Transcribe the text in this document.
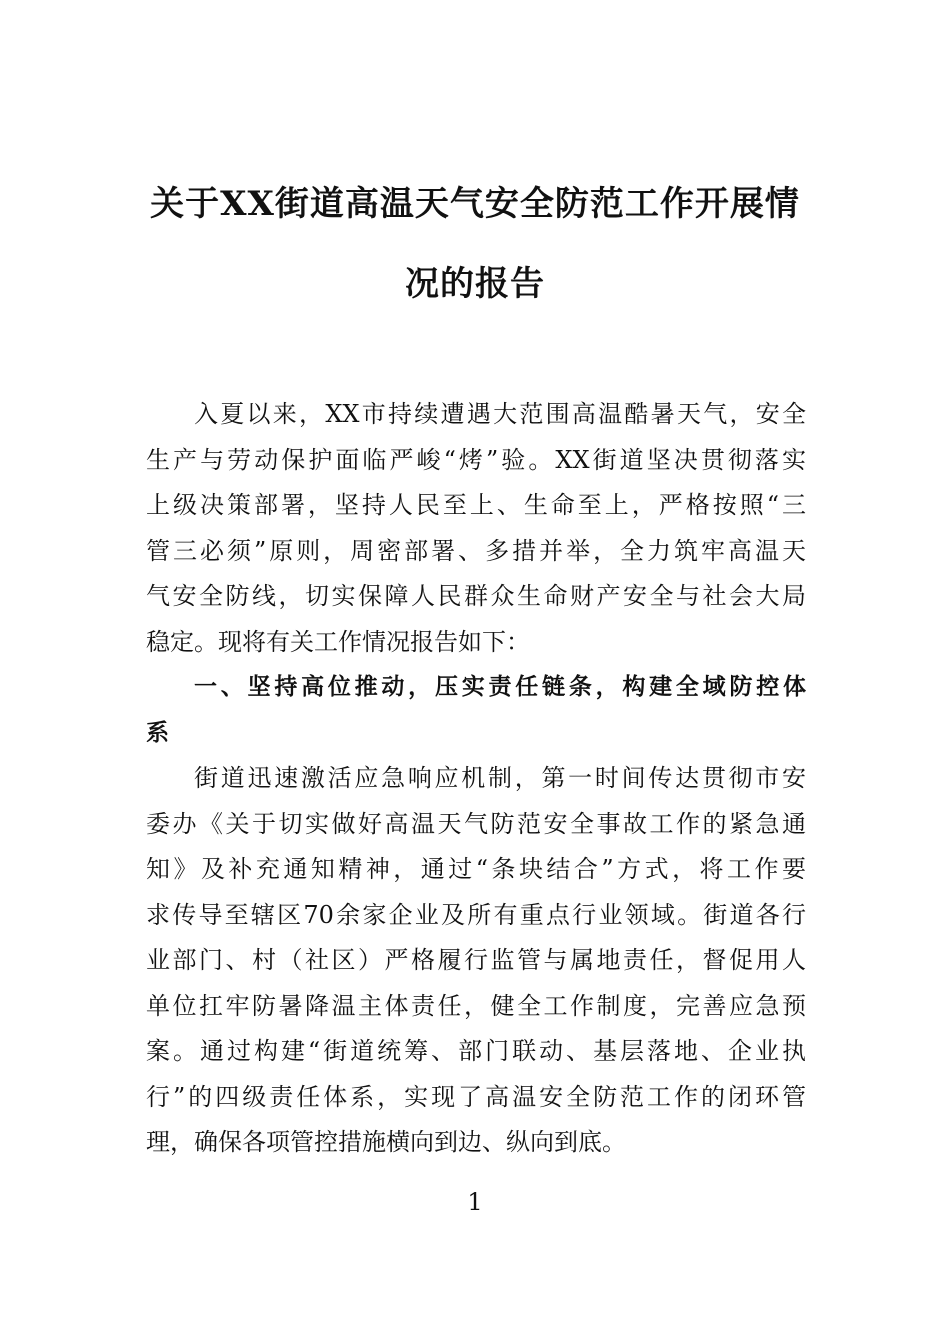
关于XX街道高温天气安全防范工作开展情
况的报告
入夏以来，XX市持续遭遇大范围高温酷暑天气，安全
生产与劳动保护面临严峻“烤”验。XX街道坚决贯彻落实
上级决策部署，坚持人民至上、生命至上，严格按照“三
管三必须”原则，周密部署、多措并举，全力筑牢高温天
气安全防线，切实保障人民群众生命财产安全与社会大局
稳定。现将有关工作情况报告如下：
一、坚持高位推动，压实责任链条，构建全域防控体
系
街道迅速激活应急响应机制，第一时间传达贯彻市安
委办《关于切实做好高温天气防范安全事故工作的紧急通
知》及补充通知精神，通过“条块结合”方式，将工作要
求传导至辖区70余家企业及所有重点行业领域。街道各行
业部门、村（社区）严格履行监管与属地责任，督促用人
单位扛牢防暑降温主体责任，健全工作制度，完善应急预
案。通过构建“街道统筹、部门联动、基层落地、企业执
行”的四级责任体系，实现了高温安全防范工作的闭环管
理，确保各项管控措施横向到边、纵向到底。
1
